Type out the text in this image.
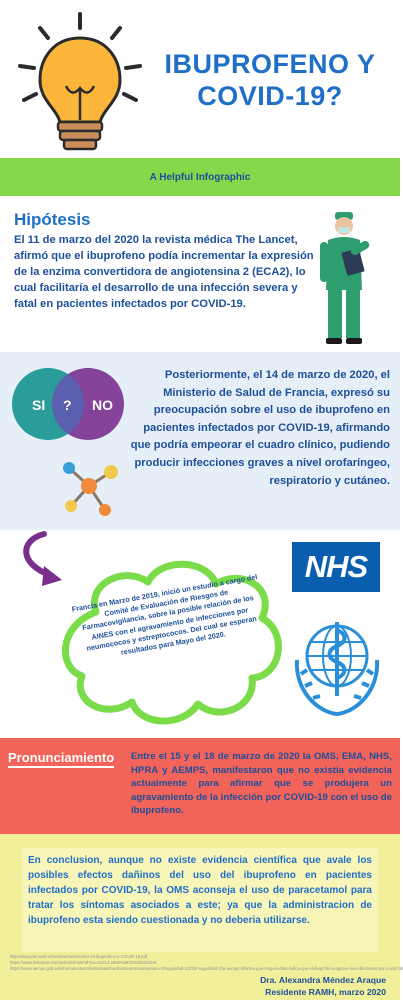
IBUPROFENO Y
COVID-19?
A Helpful Infographic
Hipótesis
El 11 de marzo del 2020 la revista médica The Lancet, afirmó que el ibuprofeno podía incrementar la expresión de la enzima convertidora de angiotensina 2 (ECA2), lo cual facilitaría el desarrollo de una infección severa y fatal en pacientes infectados por COVID-19.
SI ? NO
Posteriormente, el 14 de marzo de 2020, el Ministerio de Salud de Francia, expresó su preocupación sobre el uso de ibuprofeno en pacientes infectados por COVID-19, afirmando que podría empeorar el cuadro clínico, pudiendo producir infecciones graves a nivel orofaríngeo, respiratorio y cutáneo.
Francia en Marzo de 2019, inició un estudio a cargo del Comité de Evaluación de Riesgos de Farmacovigilancia, sobre la posible relación de los AINES con el agravamiento de infecciones por neumococos y estreptococos. Del cual se esperan resultados para Mayo del 2020.
NHS
Pronunciamiento Entre el 15 y el 18 de marzo de 2020 la OMS, EMA, NHS, HPRA y AEMPS, manifestaron que no existía evidencia actualmente para afirmar que se produjera un agravamiento de la infección por COVID-19 con el uso de ibuprofeno.
En conclusion, aunque no existe evidencia científica que avale los posibles efectos dañinos del uso del ibuprofeno en pacientes infectados por COVID-19, la OMS aconseja el uso de paracetamol para tratar los síntomas asociados a este; ya que la administracion de ibuprofeno esta siendo cuestionada y no deberia utilizarse.
http://www.pmr.web.vn/vi/documents/covid-19-ibuprofeno-y-COVID-19.pdf
https://www.thelancet.com/action/showPdf?pii=S2213-2600%2820%2930116-8
https://www.aemps.gob.es/informa/notasInformativas/medicamentosUsoHumano-3/seguridad-1/2020-seguridad-1/la-aemps-informa-que-ninguin-dato-indica-que-el-ibuprofeno-agrave-las-infecciones-por-covid-19/
Dra. Alexandra Méndez Araque
Residente RAMH, marzo 2020
